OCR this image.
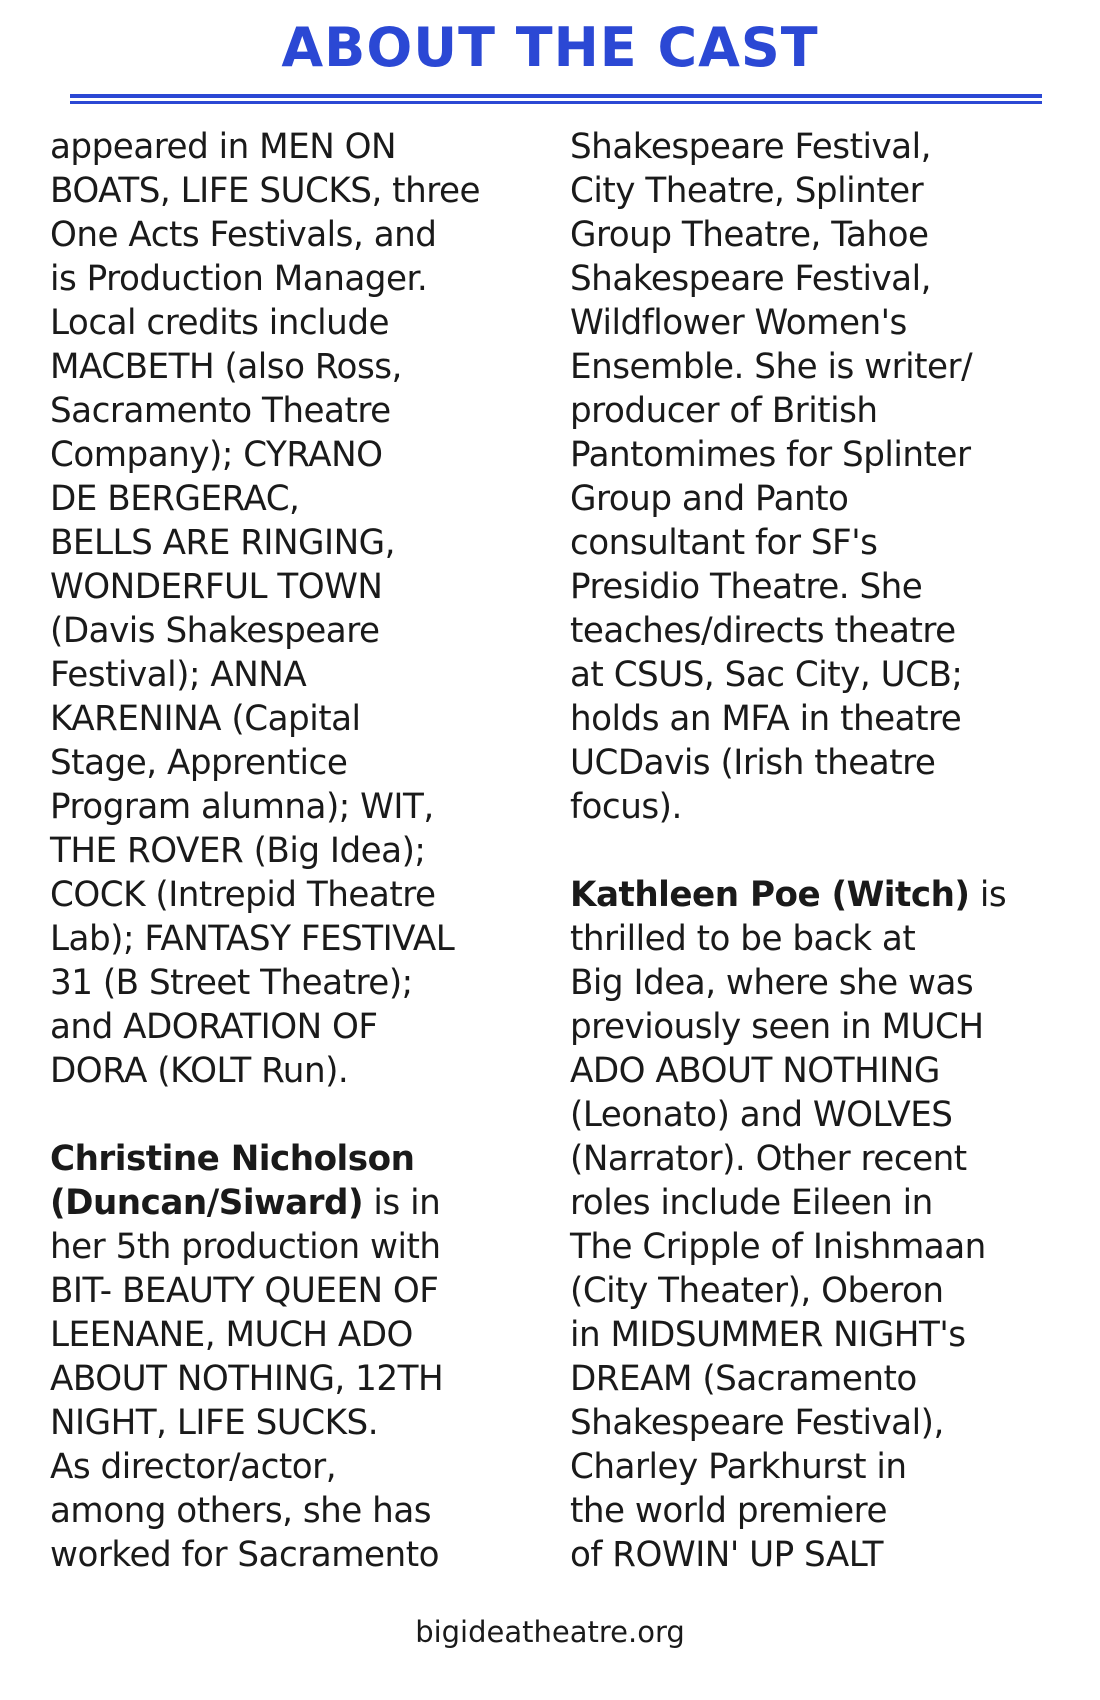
ABOUT THE CAST
appeared in MEN ON
BOATS, LIFE SUCKS, three
One Acts Festivals, and
is Production Manager.
Local credits include
MACBETH (also Ross,
Sacramento Theatre
Company); CYRANO
DE BERGERAC,
BELLS ARE RINGING,
WONDERFUL TOWN
(Davis Shakespeare
Festival); ANNA
KARENINA (Capital
Stage, Apprentice
Program alumna); WIT,
THE ROVER (Big Idea);
COCK (Intrepid Theatre
Lab); FANTASY FESTIVAL
31 (B Street Theatre);
and ADORATION OF
DORA (KOLT Run).
Christine Nicholson
(Duncan/Siward) is in
her 5th production with
BIT- BEAUTY QUEEN OF
LEENANE, MUCH ADO
ABOUT NOTHING, 12TH
NIGHT, LIFE SUCKS.
As director/actor,
among others, she has
worked for Sacramento
Shakespeare Festival,
City Theatre, Splinter
Group Theatre, Tahoe
Shakespeare Festival,
Wildflower Women's
Ensemble. She is writer/
producer of British
Pantomimes for Splinter
Group and Panto
consultant for SF's
Presidio Theatre. She
teaches/directs theatre
at CSUS, Sac City, UCB;
holds an MFA in theatre
UCDavis (Irish theatre
focus).
Kathleen Poe (Witch) is
thrilled to be back at
Big Idea, where she was
previously seen in MUCH
ADO ABOUT NOTHING
(Leonato) and WOLVES
(Narrator). Other recent
roles include Eileen in
The Cripple of Inishmaan
(City Theater), Oberon
in MIDSUMMER NIGHT's
DREAM (Sacramento
Shakespeare Festival),
Charley Parkhurst in
the world premiere
of ROWIN' UP SALT
bigideatheatre.org
